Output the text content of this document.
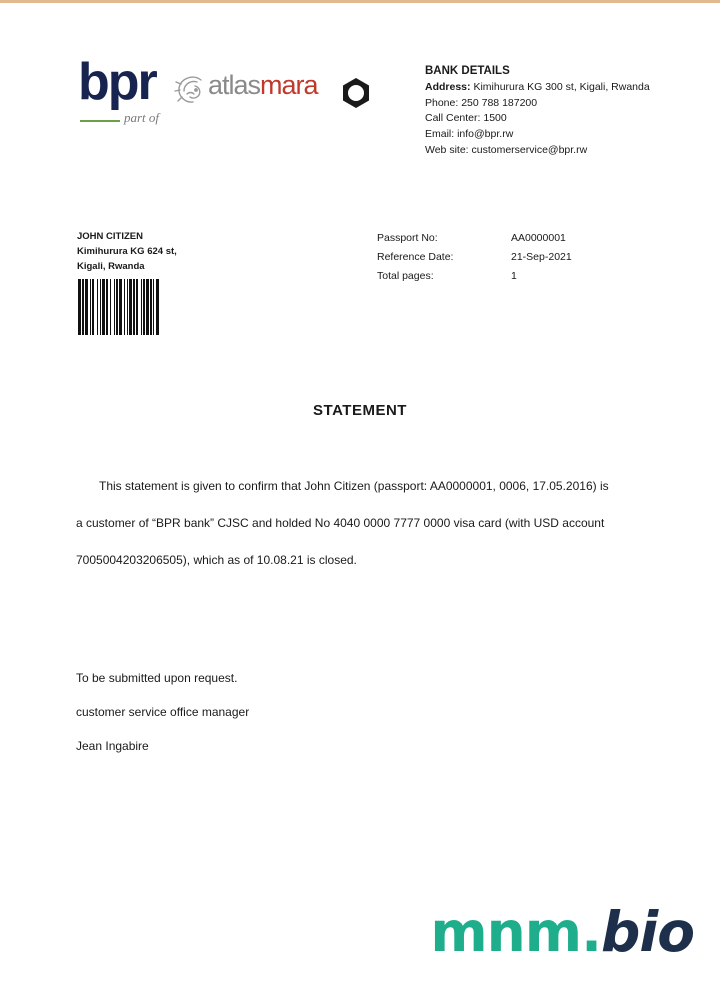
bpr
part of
atlasmara	BANK DETAILS
Address: Kimihurura KG 300 st, Kigali, Rwanda
Phone: 250 788 187200
Call Center: 1500
Email: info@bpr.rw
Web site: customerservice@bpr.rw
JOHN CITIZEN
Kimihurura KG 624 st,
Kigali, Rwanda
Passport No:	AA0000001
Reference Date:	21-Sep-2021
Total pages:	1
STATEMENT
This statement is given to confirm that John Citizen (passport: AA0000001, 0006, 17.05.2016) is
a customer of “BPR bank” CJSC and holded No 4040 0000 7777 0000 visa card (with USD account
7005004203206505), which as of 10.08.21 is closed.
To be submitted upon request.
customer service office manager
Jean Ingabire
mnm.bio
